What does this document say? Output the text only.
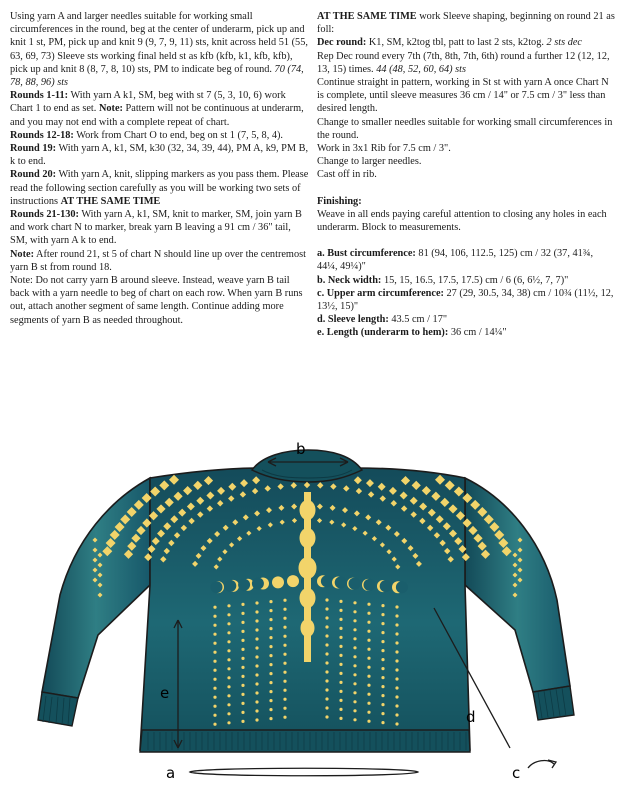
Using yarn A and larger needles suitable for working small circumferences in the round, beg at the center of underarm, pick up and knit 1 st, PM, pick up and knit 9 (9, 7, 9, 11) sts, knit across held 51 (55, 63, 69, 73) Sleeve sts working final held st as kfb (kfb, k1, kfb, kfb), pick up and knit 8 (8, 7, 8, 10) sts, PM to indicate beg of round. 70 (74, 78, 88, 96) sts

Rounds 1-11: With yarn A k1, SM, beg with st 7 (5, 3, 10, 6) work Chart 1 to end as set. Note: Pattern will not be continuous at underarm, and you may not end with a complete repeat of chart.

Rounds 12-18: Work from Chart O to end, beg on st 1 (7, 5, 8, 4).

Round 19: With yarn A, k1, SM, k30 (32, 34, 39, 44), PM A, k9, PM B, k to end.

Round 20: With yarn A, knit, slipping markers as you pass them. Please read the following section carefully as you will be working two sets of instructions AT THE SAME TIME

Rounds 21-130: With yarn A, k1, SM, knit to marker, SM, join yarn B and work chart N to marker, break yarn B leaving a 91 cm / 36" tail, SM, with yarn A k to end.

Note: After round 21, st 5 of chart N should line up over the centremost yarn B st from round 18.

Note: Do not carry yarn B around sleeve. Instead, weave yarn B tail back with a yarn needle to beg of chart on each row. When yarn B runs out, attach another segment of same length. Continue adding more segments of yarn B as needed throughout.

AT THE SAME TIME work Sleeve shaping, beginning on round 21 as foll:

Dec round: K1, SM, k2tog tbl, patt to last 2 sts, k2tog. 2 sts dec

Rep Dec round every 7th (7th, 8th, 7th, 6th) round a further 12 (12, 12, 13, 15) times. 44 (48, 52, 60, 64) sts

Continue straight in pattern, working in St st with yarn A once Chart N is complete, until sleeve measures 36 cm / 14" or 7.5 cm / 3" less than desired length.

Change to smaller needles suitable for working small circumferences in the round.

Work in 3x1 Rib for 7.5 cm / 3".

Change to larger needles.

Cast off in rib.

Finishing:

Weave in all ends paying careful attention to closing any holes in each underarm. Block to measurements.

a. Bust circumference: 81 (94, 106, 112.5, 125) cm / 32 (37, 41¾, 44¼, 49¼)"

b. Neck width: 15, 15, 16.5, 17.5, 17.5) cm / 6 (6, 6½, 7, 7)"

c. Upper arm circumference: 27 (29, 30.5, 34, 38) cm / 10¾ (11½, 12, 13½, 15)"

d. Sleeve length: 43.5 cm / 17"

e. Length (underarm to hem): 36 cm / 14¼"

b
e
d
a	c
